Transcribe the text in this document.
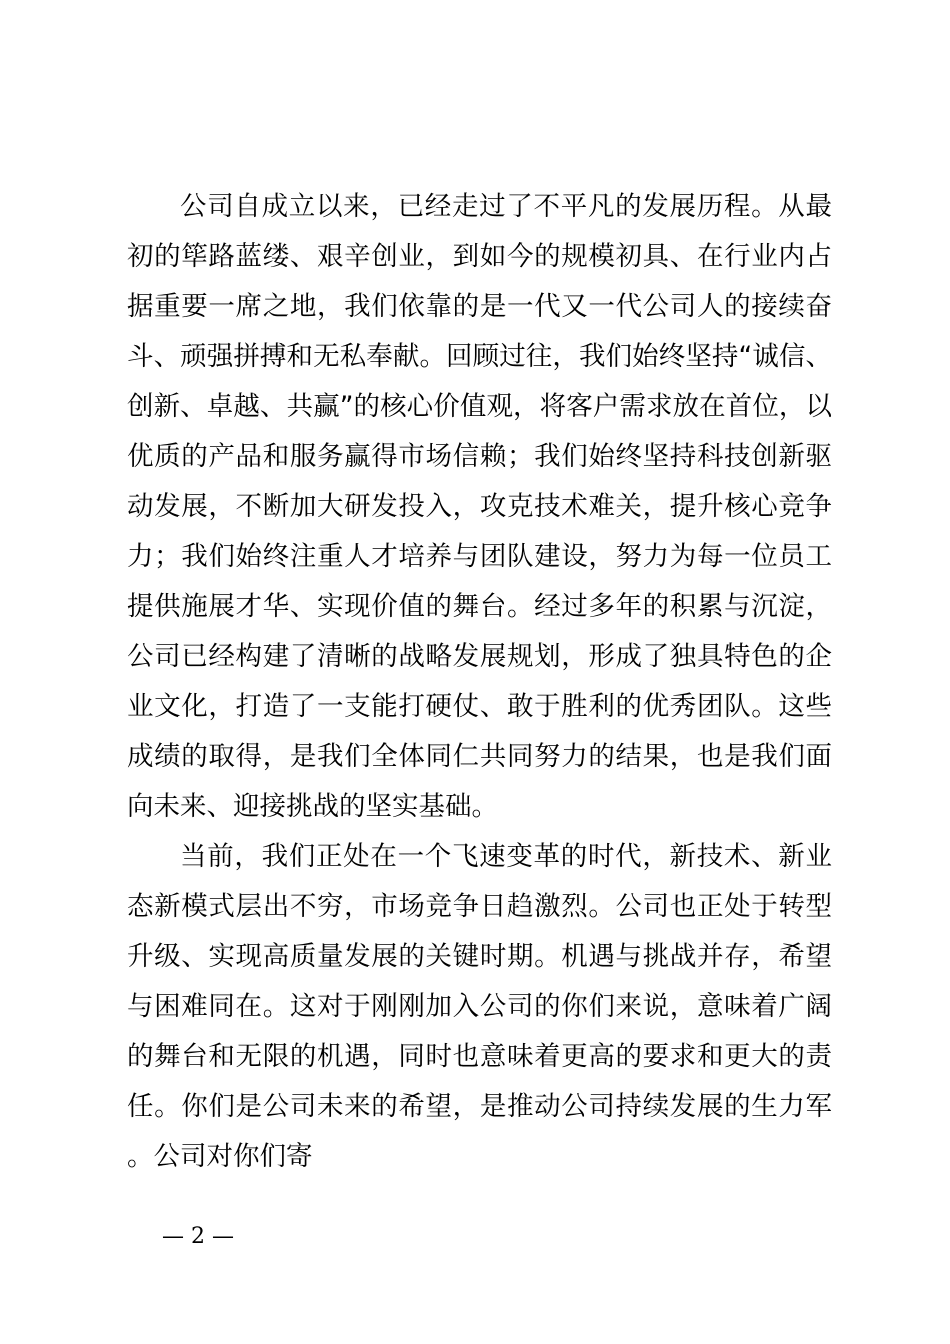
公司自成立以来，已经走过了不平凡的发展历程。从最初的筚路蓝缕、艰辛创业，到如今的规模初具、在行业内占据重要一席之地，我们依靠的是一代又一代公司人的接续奋斗、顽强拼搏和无私奉献。回顾过往，我们始终坚持“诚信、创新、卓越、共赢”的核心价值观，将客户需求放在首位，以优质的产品和服务赢得市场信赖；我们始终坚持科技创新驱动发展，不断加大研发投入，攻克技术难关，提升核心竞争力；我们始终注重人才培养与团队建设，努力为每一位员工提供施展才华、实现价值的舞台。经过多年的积累与沉淀，公司已经构建了清晰的战略发展规划，形成了独具特色的企业文化，打造了一支能打硬仗、敢于胜利的优秀团队。这些成绩的取得，是我们全体同仁共同努力的结果，也是我们面向未来、迎接挑战的坚实基础。

当前，我们正处在一个飞速变革的时代，新技术、新业态新模式层出不穷，市场竞争日趋激烈。公司也正处于转型升级、实现高质量发展的关键时期。机遇与挑战并存，希望与困难同在。这对于刚刚加入公司的你们来说，意味着广阔的舞台和无限的机遇，同时也意味着更高的要求和更大的责任。你们是公司未来的希望，是推动公司持续发展的生力军。公司对你们寄

— 2 —
